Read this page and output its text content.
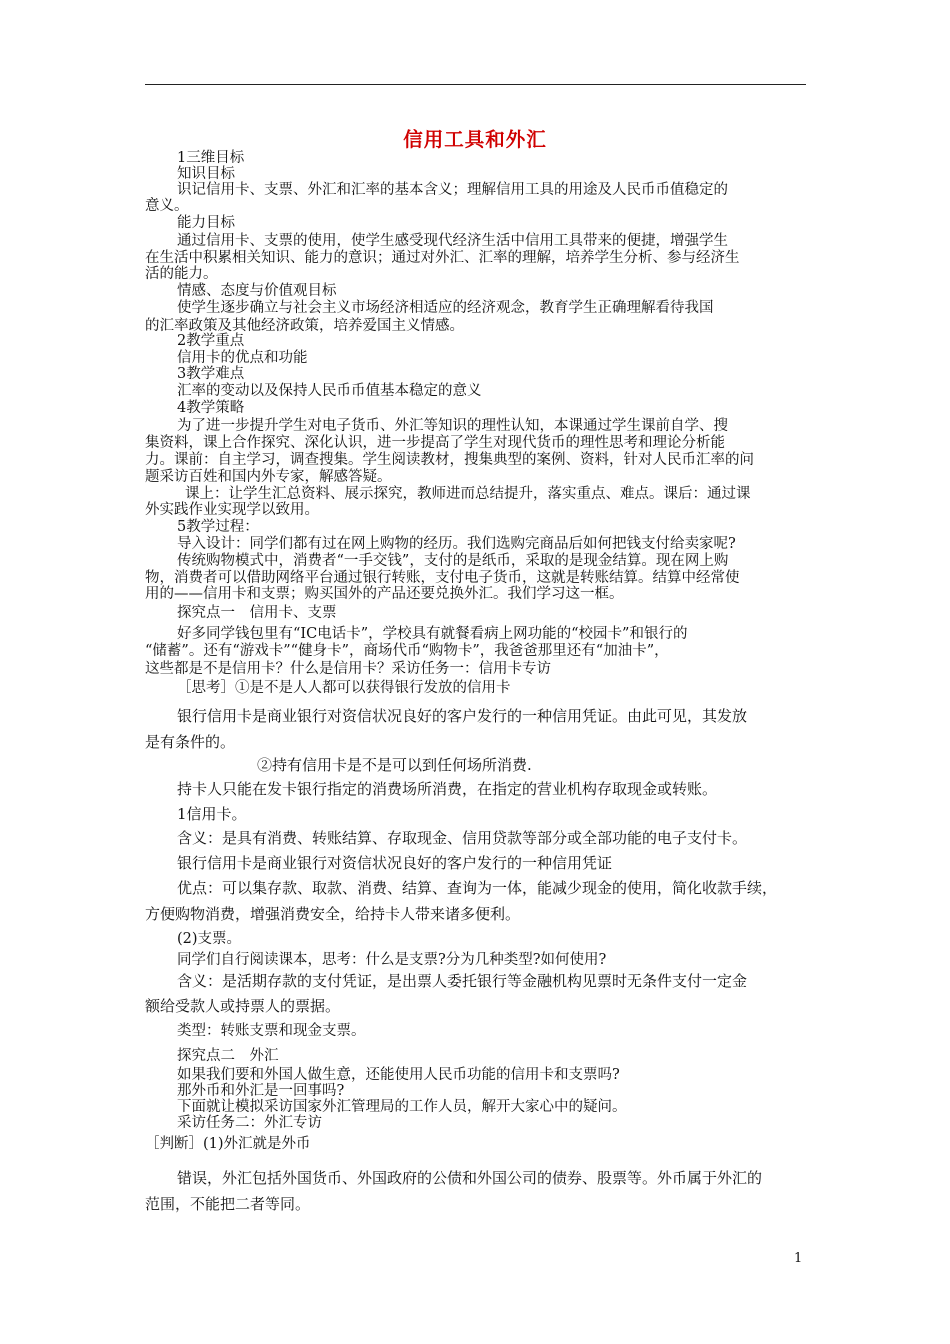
信用工具和外汇
1三维目标
知识目标
识记信用卡、支票、外汇和汇率的基本含义；理解信用工具的用途及人民币币值稳定的
意义。
能力目标
通过信用卡、支票的使用，使学生感受现代经济生活中信用工具带来的便捷，增强学生
在生活中积累相关知识、能力的意识；通过对外汇、汇率的理解，培养学生分析、参与经济生
活的能力。
情感、态度与价值观目标
使学生逐步确立与社会主义市场经济相适应的经济观念，教育学生正确理解看待我国
的汇率政策及其他经济政策，培养爱国主义情感。
2教学重点
信用卡的优点和功能
3教学难点
汇率的变动以及保持人民币币值基本稳定的意义
4教学策略
为了进一步提升学生对电子货币、外汇等知识的理性认知，本课通过学生课前自学、搜
集资料，课上合作探究、深化认识，进一步提高了学生对现代货币的理性思考和理论分析能
力。课前：自主学习，调查搜集。学生阅读教材，搜集典型的案例、资料，针对人民币汇率的问
题采访百姓和国内外专家，解感答疑。
课上：让学生汇总资料、展示探究，教师进而总结提升，落实重点、难点。课后：通过课
外实践作业实现学以致用。
5教学过程：
导入设计：同学们都有过在网上购物的经历。我们选购完商品后如何把钱支付给卖家呢?
传统购物模式中，消费者“一手交钱”，支付的是纸币，采取的是现金结算。现在网上购
物，消费者可以借助网络平台通过银行转账，支付电子货币，这就是转账结算。结算中经常使
用的——信用卡和支票；购买国外的产品还要兑换外汇。我们学习这一框。
探究点一　信用卡、支票
好多同学钱包里有“IC电话卡”，学校具有就餐看病上网功能的“校园卡”和银行的
“储蓄”。还有“游戏卡”“健身卡”，商场代币“购物卡”，我爸爸那里还有“加油卡”，
这些都是不是信用卡？什么是信用卡？采访任务一：信用卡专访
［思考］①是不是人人都可以获得银行发放的信用卡
银行信用卡是商业银行对资信状况良好的客户发行的一种信用凭证。由此可见，其发放
是有条件的。
②持有信用卡是不是可以到任何场所消费.
持卡人只能在发卡银行指定的消费场所消费，在指定的营业机构存取现金或转账。
1信用卡。
含义：是具有消费、转账结算、存取现金、信用贷款等部分或全部功能的电子支付卡。
银行信用卡是商业银行对资信状况良好的客户发行的一种信用凭证
优点：可以集存款、取款、消费、结算、查询为一体，能减少现金的使用，简化收款手续，
方便购物消费，增强消费安全，给持卡人带来诸多便利。
(2)支票。
同学们自行阅读课本，思考：什么是支票?分为几种类型?如何使用?
含义：是活期存款的支付凭证，是出票人委托银行等金融机构见票时无条件支付一定金
额给受款人或持票人的票据。
类型：转账支票和现金支票。
探究点二　外汇
如果我们要和外国人做生意，还能使用人民币功能的信用卡和支票吗?
那外币和外汇是一回事吗?
下面就让模拟采访国家外汇管理局的工作人员，解开大家心中的疑问。
采访任务二：外汇专访
［判断］(1)外汇就是外币
错误，外汇包括外国货币、外国政府的公债和外国公司的债券、股票等。外币属于外汇的
范围，不能把二者等同。
1
